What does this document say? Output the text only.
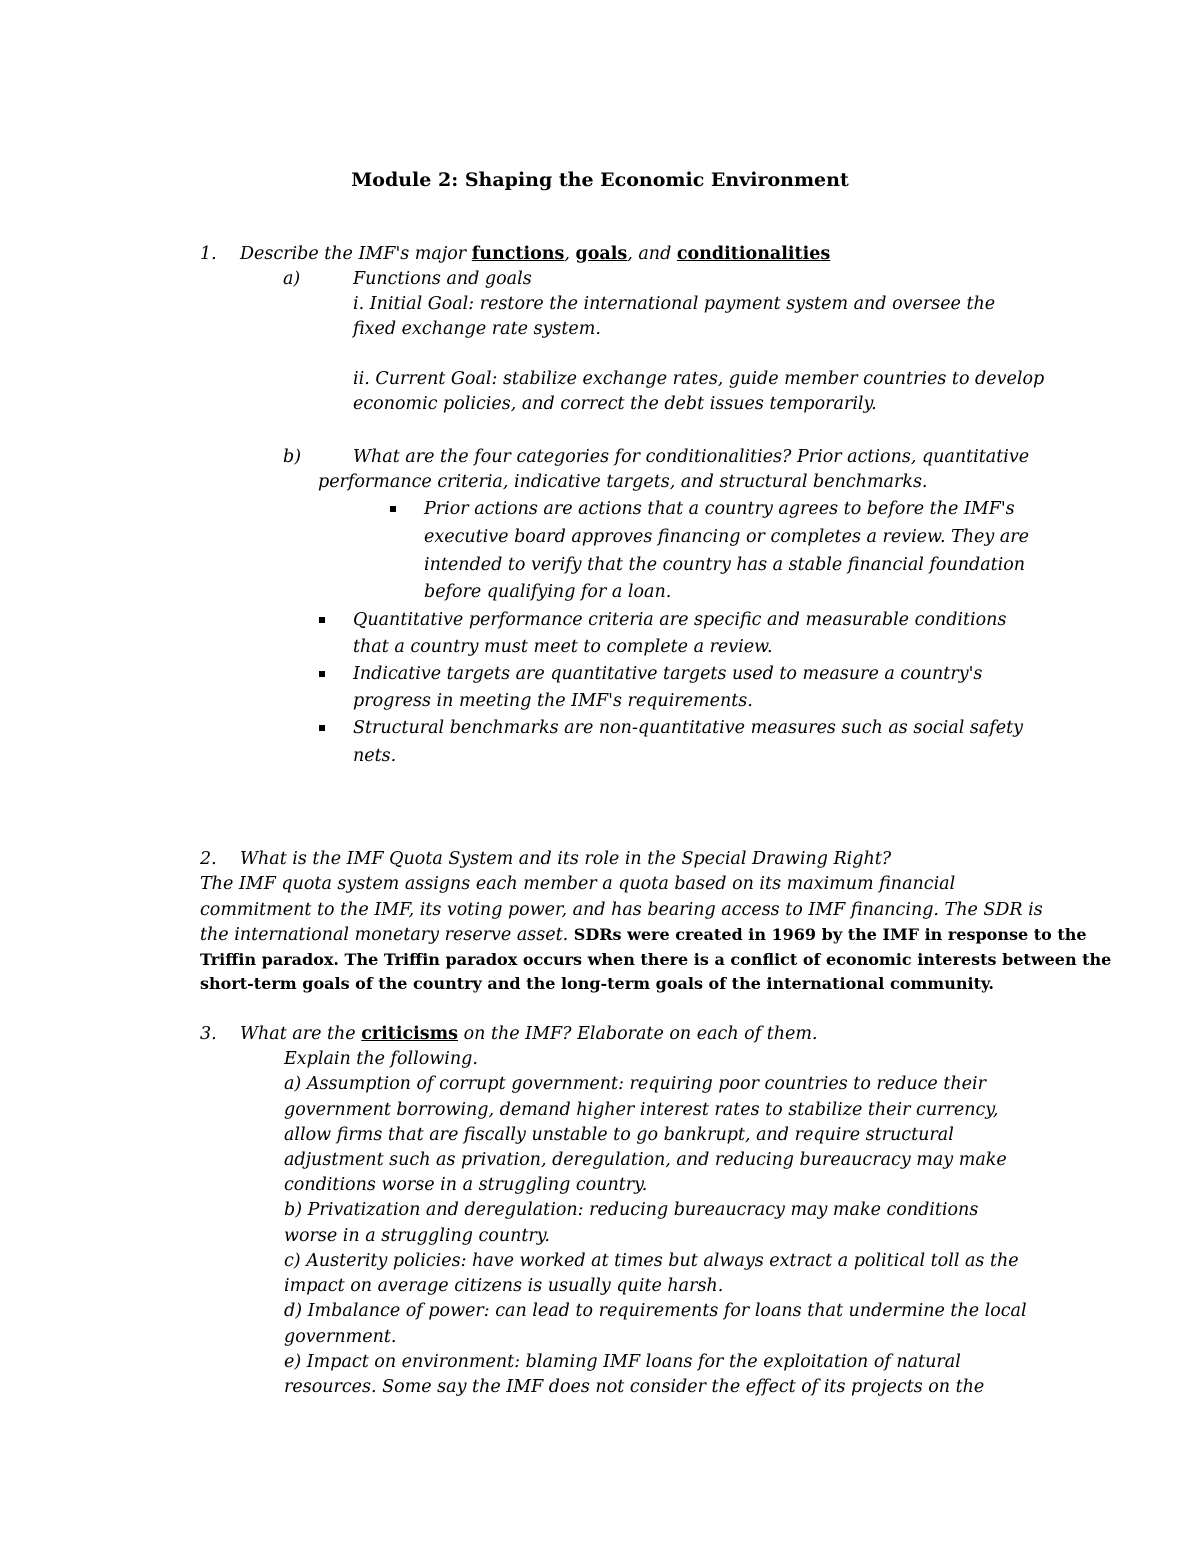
Module 2: Shaping the Economic Environment
1. Describe the IMF's major functions, goals, and conditionalities
a)	Functions and goals
i. Initial Goal: restore the international payment system and oversee the
fixed exchange rate system.
ii. Current Goal: stabilize exchange rates, guide member countries to develop
economic policies, and correct the debt issues temporarily.
b)	What are the four categories for conditionalities? Prior actions, quantitative
performance criteria, indicative targets, and structural benchmarks.
Prior actions are actions that a country agrees to before the IMF's
executive board approves financing or completes a review. They are
intended to verify that the country has a stable financial foundation
before qualifying for a loan.
Quantitative performance criteria are specific and measurable conditions
that a country must meet to complete a review.
Indicative targets are quantitative targets used to measure a country's
progress in meeting the IMF's requirements.
Structural benchmarks are non-quantitative measures such as social safety
nets.
2. What is the IMF Quota System and its role in the Special Drawing Right?
The IMF quota system assigns each member a quota based on its maximum financial
commitment to the IMF, its voting power, and has bearing access to IMF financing. The SDR is
the international monetary reserve asset. SDRs were created in 1969 by the IMF in response to the
Triffin paradox. The Triffin paradox occurs when there is a conflict of economic interests between the
short-term goals of the country and the long-term goals of the international community.
3. What are the criticisms on the IMF? Elaborate on each of them.
Explain the following.
a) Assumption of corrupt government: requiring poor countries to reduce their
government borrowing, demand higher interest rates to stabilize their currency,
allow firms that are fiscally unstable to go bankrupt, and require structural
adjustment such as privation, deregulation, and reducing bureaucracy may make
conditions worse in a struggling country.
b) Privatization and deregulation: reducing bureaucracy may make conditions
worse in a struggling country.
c) Austerity policies: have worked at times but always extract a political toll as the
impact on average citizens is usually quite harsh.
d) Imbalance of power: can lead to requirements for loans that undermine the local
government.
e) Impact on environment: blaming IMF loans for the exploitation of natural
resources. Some say the IMF does not consider the effect of its projects on the
